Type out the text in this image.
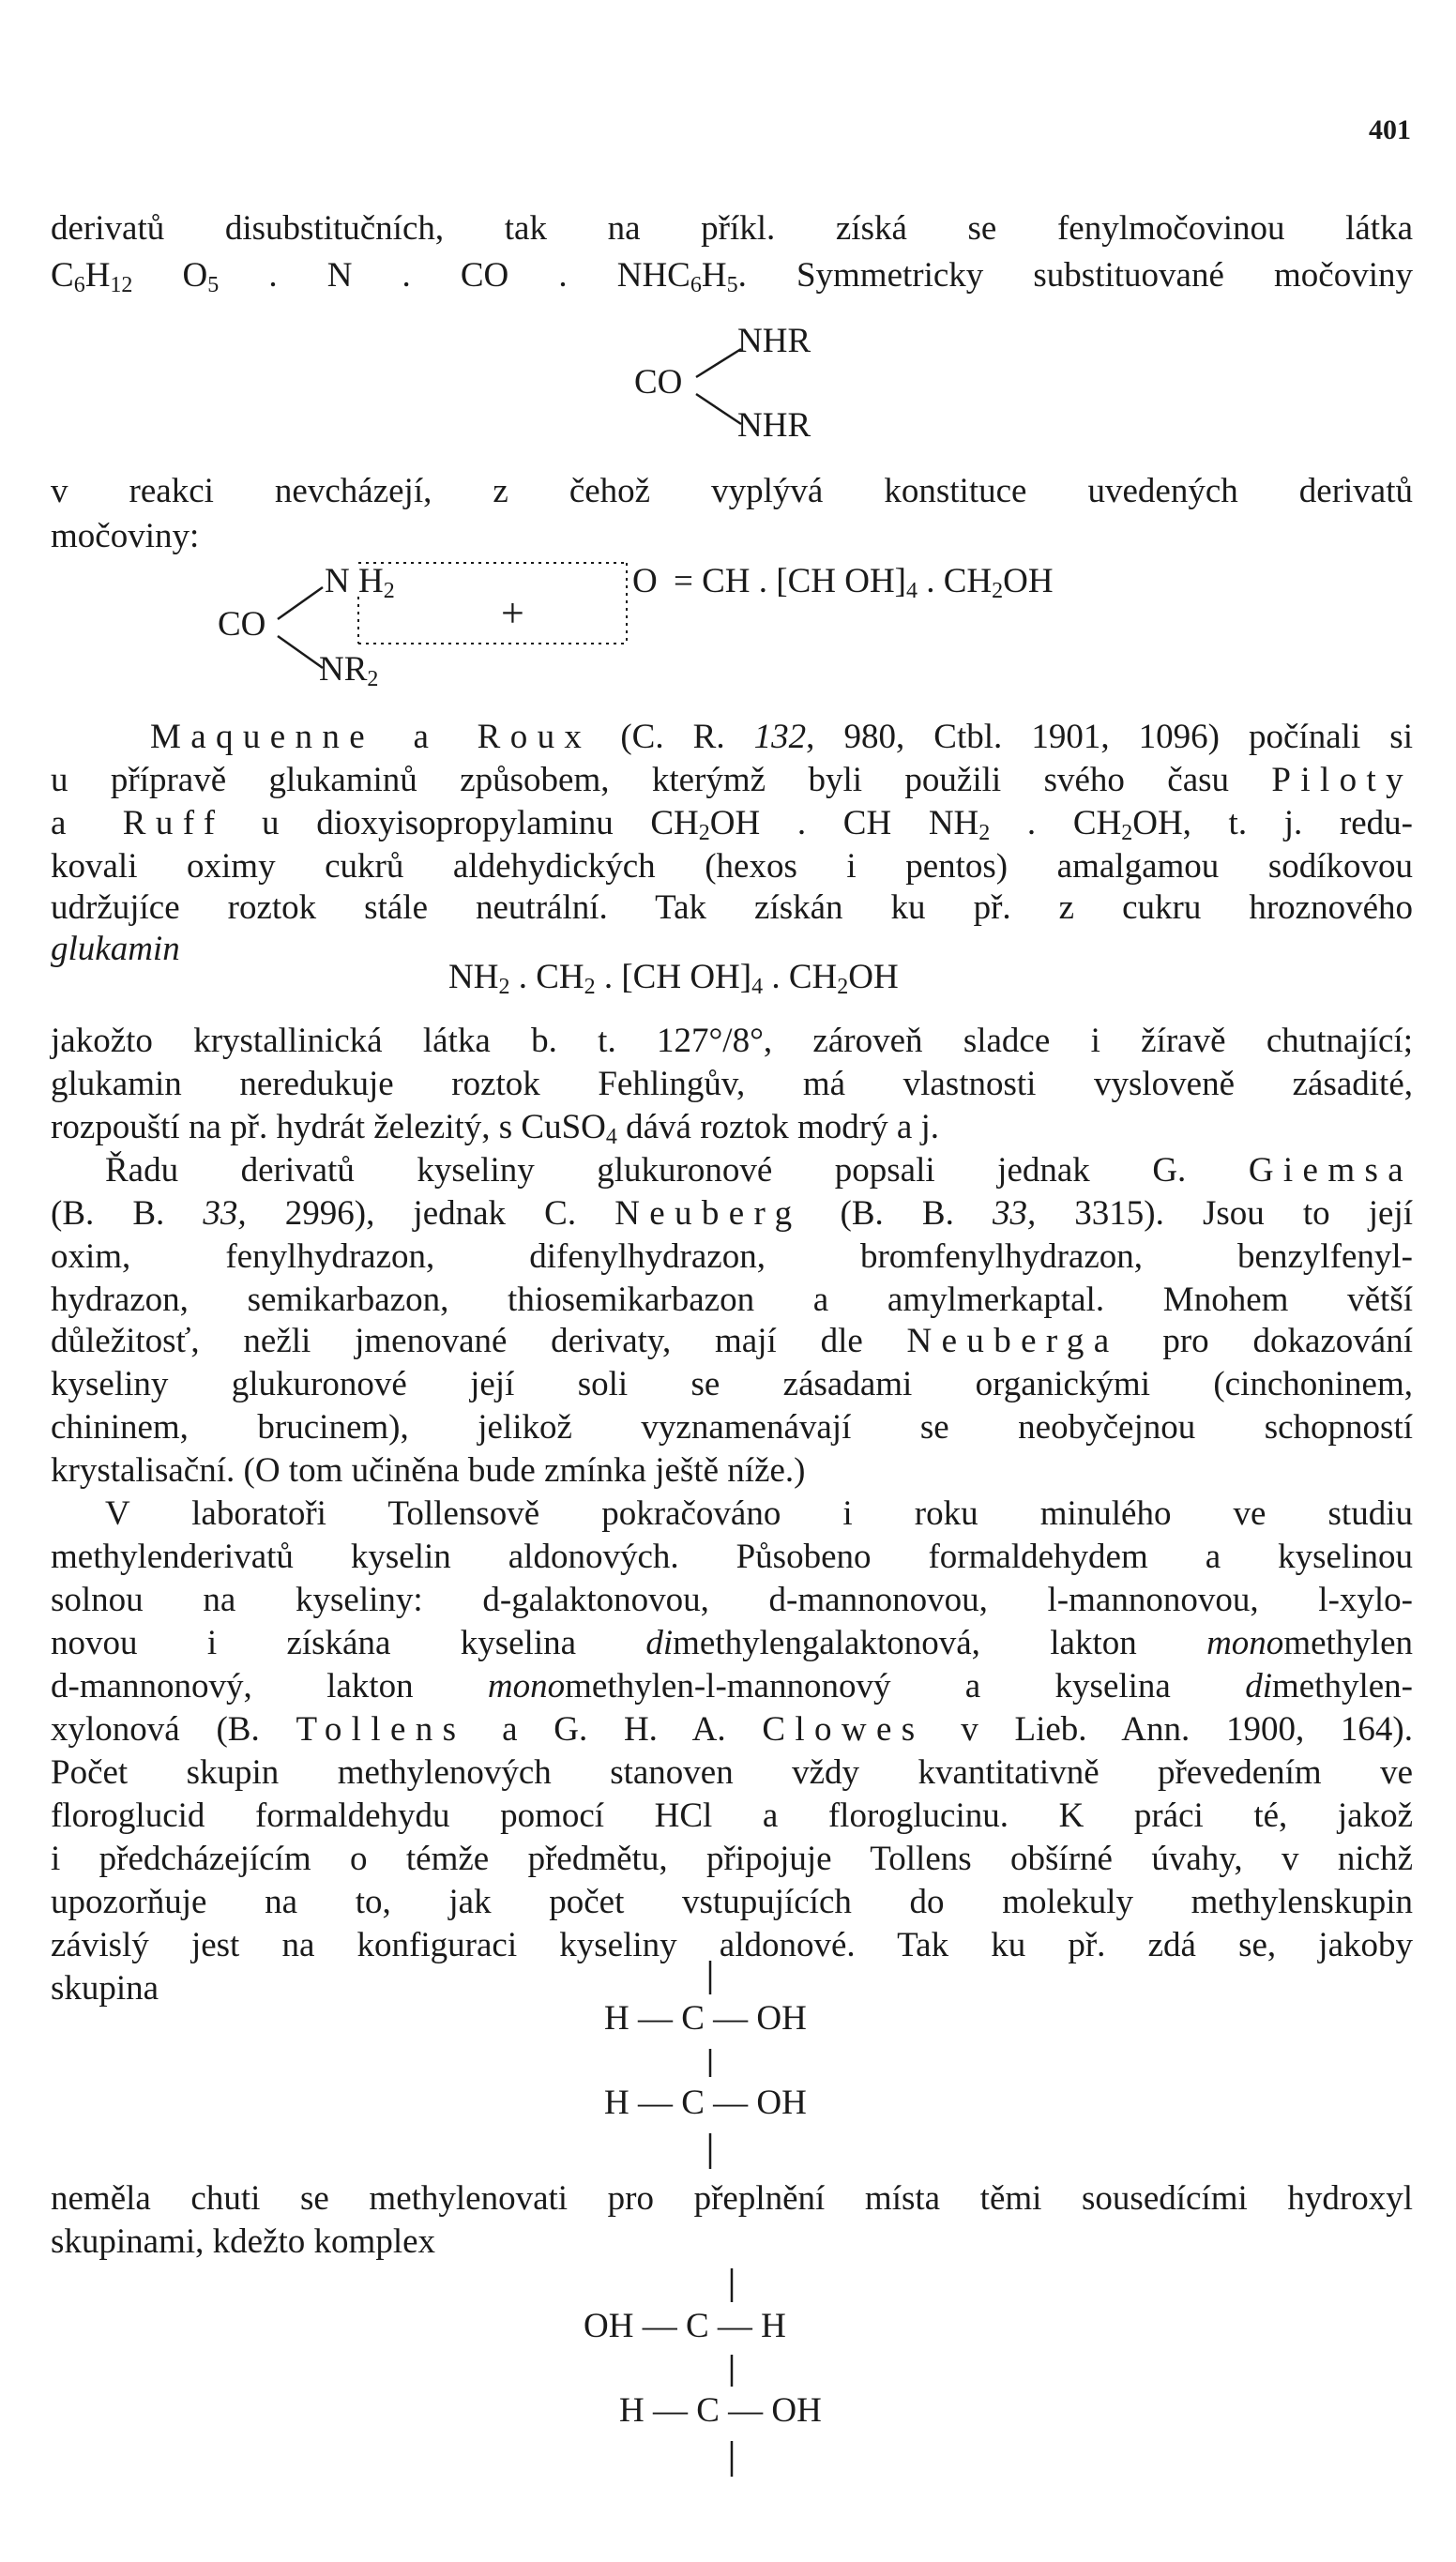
401
derivatů disubstitučních, tak na příkl. získá se fenylmočovinou látka
$C_6H_{12}$ $O_5$ . N . CO . $NHC_6H_5$. Symmetricky substituované močoviny
NHR
CO
NHR
v reakci nevcházejí, z čehož vyplývá konstituce uvedených derivatů
močoviny:
N $H_2$
CO	+
O = CH . [CH $OH]_4$ . $CH_2OH$
$NR_2$
Maquenne a Roux (C. R. 132, 980, Ctbl. 1901, 1096) počínali si
u přípravě glukaminů způsobem, kterýmž byli použili svého času Piloty
a Ruff u dioxyisopropylaminu $CH_2OH$ . CH $NH_2$ . $CH_2OH$, t. j. redu-
kovali oximy cukrů aldehydických (hexos i pentos) amalgamou sodíkovou
udržujíce roztok stále neutrální. Tak získán ku př. z cukru hroznového
glukamin
$NH_2$ . $CH_2$ . [CH $OH]_4$ . $CH_2OH$
jakožto krystallinická látka b. t. 127°/8°, zároveň sladce i žíravě chutnající;
glukamin neredukuje roztok Fehlingův, má vlastnosti vysloveně zásadité,
rozpouští na př. hydrát železitý, s CuSO$_4$ dává roztok modrý a j.
Řadu derivatů kyseliny glukuronové popsali jednak G. Giemsa
(B. B. 33, 2996), jednak C. Neuberg (B. B. 33, 3315). Jsou to její
oxim, fenylhydrazon, difenylhydrazon, bromfenylhydrazon, benzylfenyl-
hydrazon, semikarbazon, thiosemikarbazon a amylmerkaptal. Mnohem větší
důležitosť, nežli jmenované derivaty, mají dle Neuberga pro dokazování
kyseliny glukuronové její soli se zásadami organickými (cinchoninem,
chininem, brucinem), jelikož vyznamenávají se neobyčejnou schopností
krystalisační. (O tom učiněna bude zmínka ještě níže.)
V laboratoři Tollensově pokračováno i roku minulého ve studiu
methylenderivatů kyselin aldonových. Působeno formaldehydem a kyselinou
solnou na kyseliny: d-galaktonovou, d-mannonovou, l-mannonovou, l-xylo-
novou i získána kyselina dimethylengalaktonová, lakton monomethylen
d-mannonový, lakton monomethylen-l-mannonový a kyselina dimethylen-
xylonová (B. Tollens a G. H. A. Clowes v Lieb. Ann. 1900, 164).
Počet skupin methylenových stanoven vždy kvantitativně převedením ve
floroglucid formaldehydu pomocí HCl a floroglucinu. K práci té, jakož
i předcházejícím o témže předmětu, připojuje Tollens obšírné úvahy, v nichž
upozorňuje na to, jak počet vstupujících do molekuly methylenskupin
závislý jest na konfiguraci kyseliny aldonové. Tak ku př. zdá se, jakoby
skupina
H — C — OH
H — C — OH
neměla chuti se methylenovati pro přeplnění místa těmi sousedícími hydroxyl
skupinami, kdežto komplex
OH — C — H
H — C — OH
